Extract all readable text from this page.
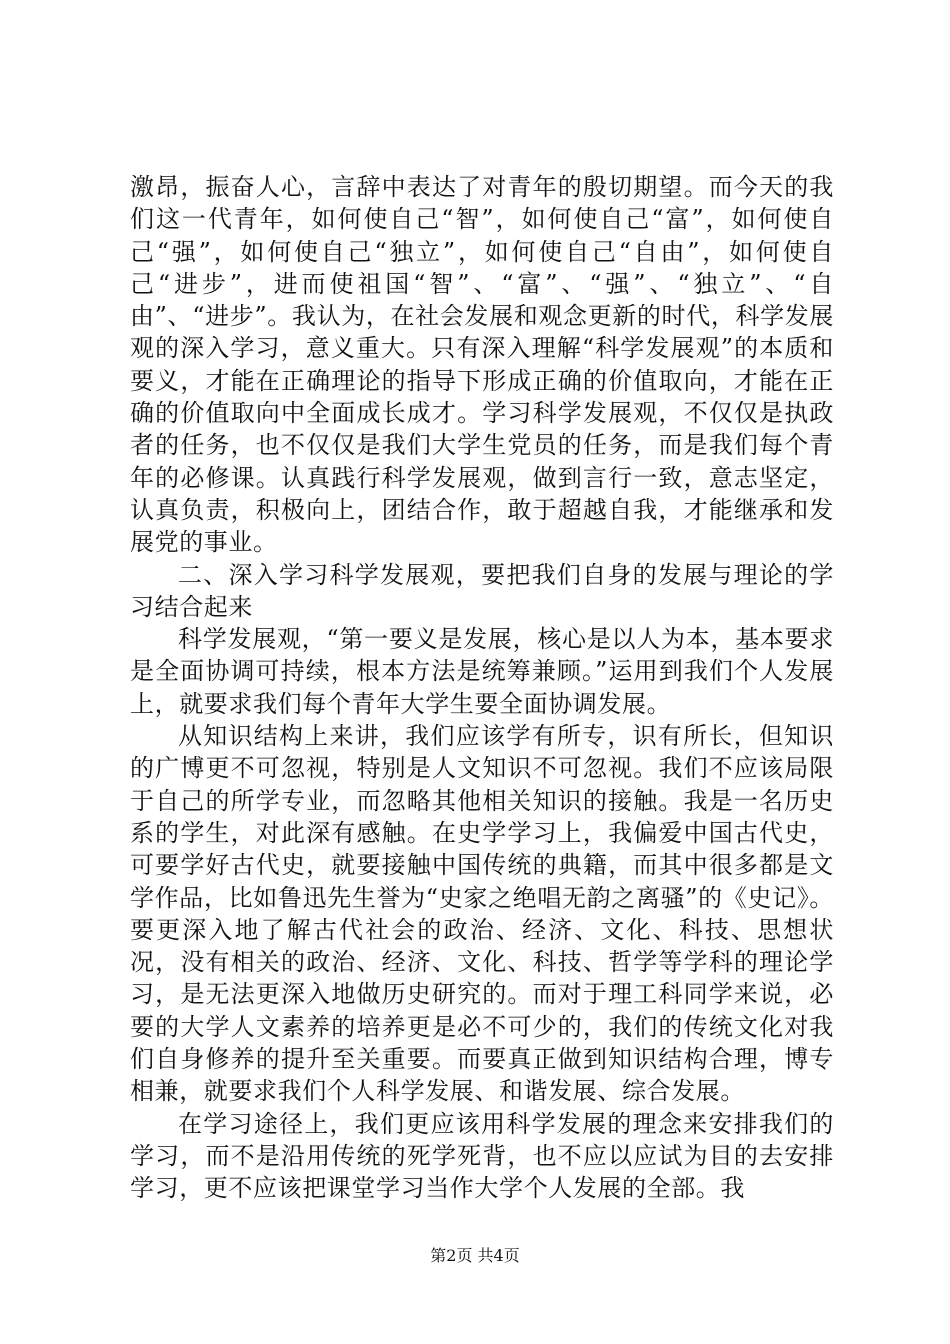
激昂，振奋人心，言辞中表达了对青年的殷切期望。而今天的我们这一代青年，如何使自己“智”，如何使自己“富”，如何使自己“强”，如何使自己“独立”，如何使自己“自由”，如何使自己“进步”，进而使祖国“智”、“富”、“强”、“独立”、“自由”、“进步”。我认为，在社会发展和观念更新的时代，科学发展观的深入学习，意义重大。只有深入理解“科学发展观”的本质和要义，才能在正确理论的指导下形成正确的价值取向，才能在正确的价值取向中全面成长成才。学习科学发展观，不仅仅是执政者的任务，也不仅仅是我们大学生党员的任务，而是我们每个青年的必修课。认真践行科学发展观，做到言行一致，意志坚定，认真负责，积极向上，团结合作，敢于超越自我，才能继承和发展党的事业。

二、深入学习科学发展观，要把我们自身的发展与理论的学习结合起来

科学发展观，“第一要义是发展，核心是以人为本，基本要求是全面协调可持续，根本方法是统筹兼顾。”运用到我们个人发展上，就要求我们每个青年大学生要全面协调发展。

从知识结构上来讲，我们应该学有所专，识有所长，但知识的广博更不可忽视，特别是人文知识不可忽视。我们不应该局限于自己的所学专业，而忽略其他相关知识的接触。我是一名历史系的学生，对此深有感触。在史学学习上，我偏爱中国古代史，可要学好古代史，就要接触中国传统的典籍，而其中很多都是文学作品，比如鲁迅先生誉为“史家之绝唱无韵之离骚”的《史记》。要更深入地了解古代社会的政治、经济、文化、科技、思想状况，没有相关的政治、经济、文化、科技、哲学等学科的理论学习，是无法更深入地做历史研究的。而对于理工科同学来说，必要的大学人文素养的培养更是必不可少的，我们的传统文化对我们自身修养的提升至关重要。而要真正做到知识结构合理，博专相兼，就要求我们个人科学发展、和谐发展、综合发展。

在学习途径上，我们更应该用科学发展的理念来安排我们的学习，而不是沿用传统的死学死背，也不应以应试为目的去安排学习，更不应该把课堂学习当作大学个人发展的全部。我

第2页 共4页
